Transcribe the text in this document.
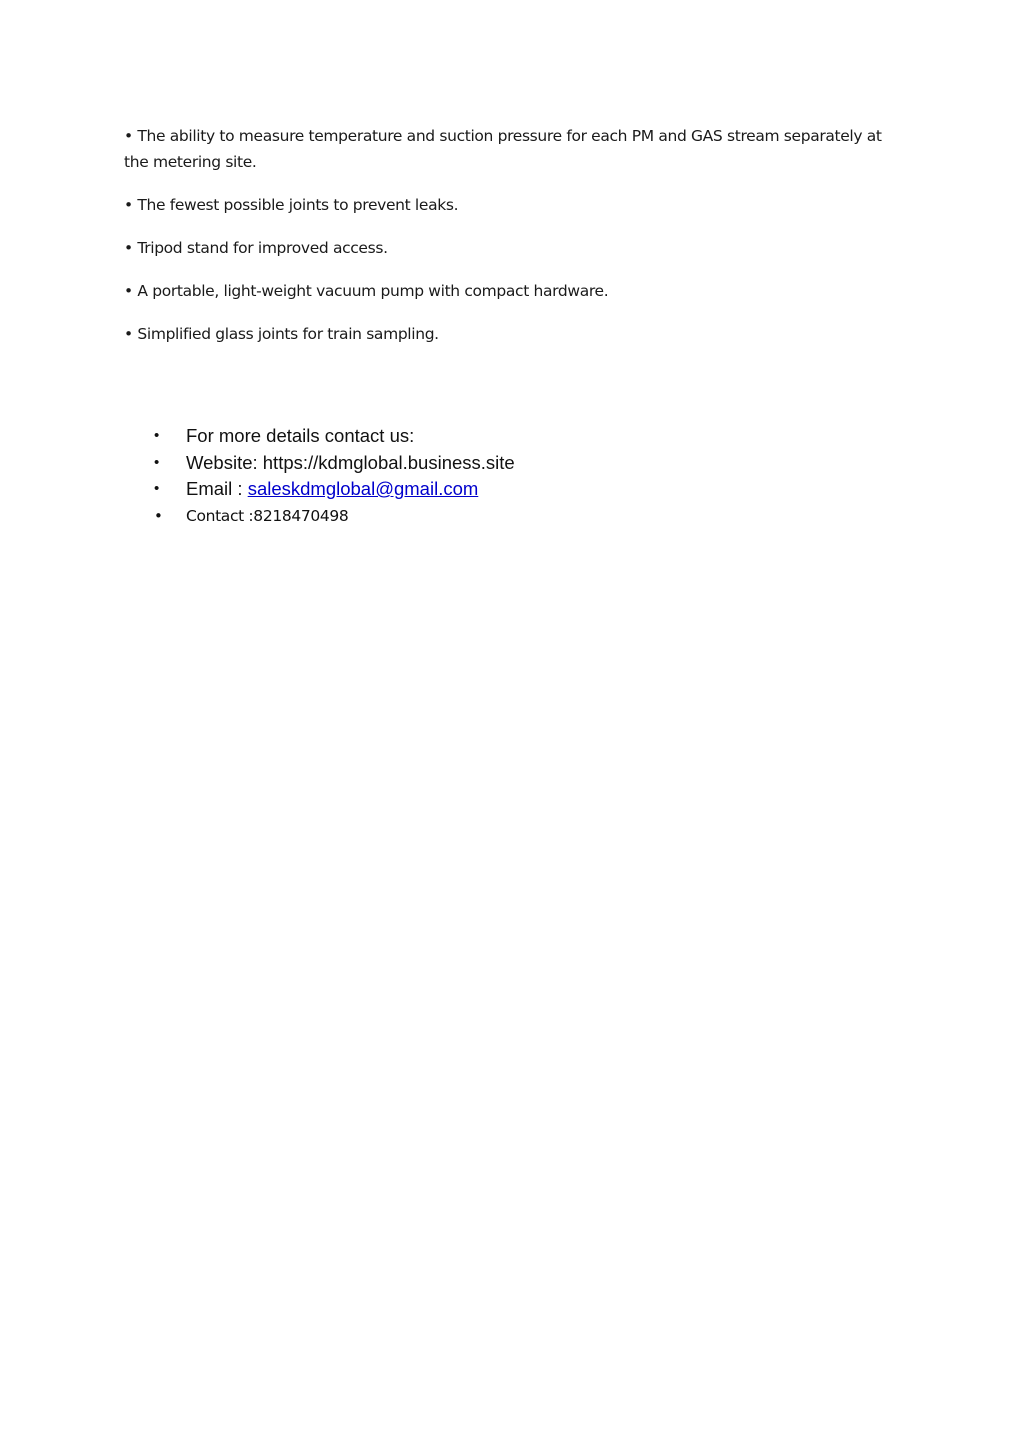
• The ability to measure temperature and suction pressure for each PM and GAS stream separately at the metering site.

• The fewest possible joints to prevent leaks.

• Tripod stand for improved access.

• A portable, light-weight vacuum pump with compact hardware.

• Simplified glass joints for train sampling.

• For more details contact us:
• Website: https://kdmglobal.business.site
• Email : saleskdmglobal@gmail.com
• Contact :8218470498
